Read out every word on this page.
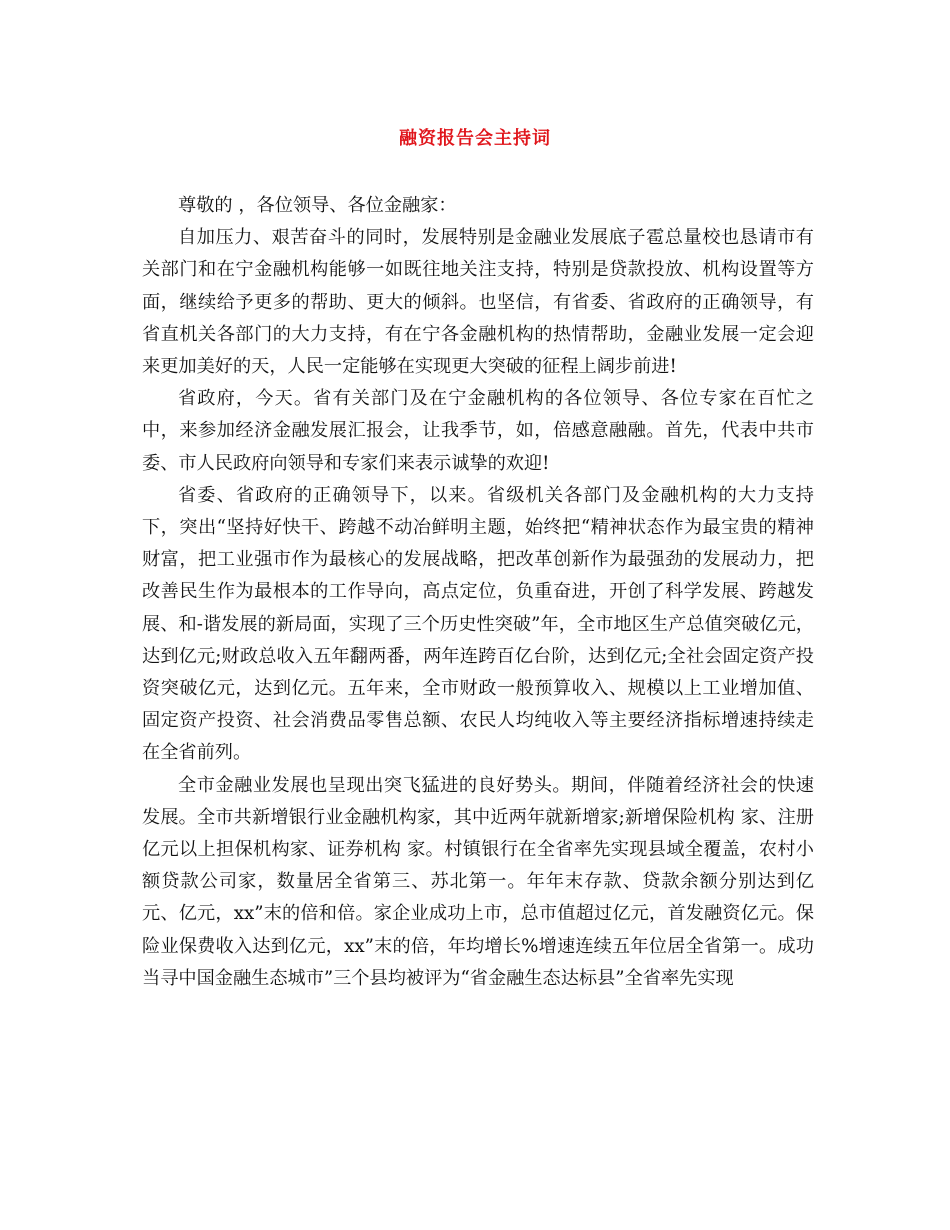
融资报告会主持词

尊敬的 ，各位领导、各位金融家：

自加压力、艰苦奋斗的同时，发展特别是金融业发展底子雹总量校也恳请市有关部门和在宁金融机构能够一如既往地关注支持，特别是贷款投放、机构设置等方面，继续给予更多的帮助、更大的倾斜。也坚信，有省委、省政府的正确领导，有省直机关各部门的大力支持，有在宁各金融机构的热情帮助，金融业发展一定会迎来更加美好的天，人民一定能够在实现更大突破的征程上阔步前进!

省政府，今天。省有关部门及在宁金融机构的各位领导、各位专家在百忙之中，来参加经济金融发展汇报会，让我季节，如，倍感意融融。首先，代表中共市委、市人民政府向领导和专家们来表示诚挚的欢迎!

省委、省政府的正确领导下，以来。省级机关各部门及金融机构的大力支持下，突出“坚持好快干、跨越不动冶鲜明主题，始终把“精神状态作为最宝贵的精神财富，把工业强市作为最核心的发展战略，把改革创新作为最强劲的发展动力，把改善民生作为最根本的工作导向，高点定位，负重奋进，开创了科学发展、跨越发展、和-谐发展的新局面，实现了三个历史性突破”年，全市地区生产总值突破亿元，达到亿元;财政总收入五年翻两番，两年连跨百亿台阶，达到亿元;全社会固定资产投资突破亿元，达到亿元。五年来，全市财政一般预算收入、规模以上工业增加值、固定资产投资、社会消费品零售总额、农民人均纯收入等主要经济指标增速持续走在全省前列。

全市金融业发展也呈现出突飞猛进的良好势头。期间，伴随着经济社会的快速发展。全市共新增银行业金融机构家，其中近两年就新增家;新增保险机构 家、注册亿元以上担保机构家、证券机构 家。村镇银行在全省率先实现县域全覆盖，农村小额贷款公司家，数量居全省第三、苏北第一。年年末存款、贷款余额分别达到亿元、亿元，xx”末的倍和倍。家企业成功上市，总市值超过亿元，首发融资亿元。保险业保费收入达到亿元，xx”末的倍，年均增长%增速连续五年位居全省第一。成功当寻中国金融生态城市”三个县均被评为“省金融生态达标县”全省率先实现
